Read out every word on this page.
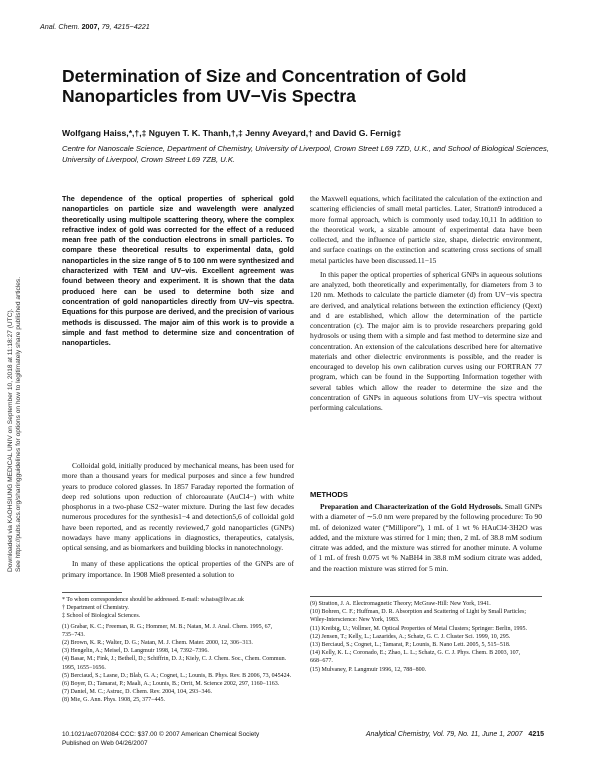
Anal. Chem. 2007, 79, 4215−4221
Determination of Size and Concentration of Gold Nanoparticles from UV−Vis Spectra
Wolfgang Haiss,*,†,‡ Nguyen T. K. Thanh,†,‡ Jenny Aveyard,† and David G. Fernig‡
Centre for Nanoscale Science, Department of Chemistry, University of Liverpool, Crown Street L69 7ZD, U.K., and School of Biological Sciences, University of Liverpool, Crown Street L69 7ZB, U.K.
Downloaded via KAOHSIUNG MEDICAL UNIV on September 10, 2018 at 11:18:27 (UTC). See https://pubs.acs.org/sharingguidelines for options on how to legitimately share published articles.
The dependence of the optical properties of spherical gold nanoparticles on particle size and wavelength were analyzed theoretically using multipole scattering theory, where the complex refractive index of gold was corrected for the effect of a reduced mean free path of the conduction electrons in small particles. To compare these theoretical results to experimental data, gold nanoparticles in the size range of 5 to 100 nm were synthesized and characterized with TEM and UV−vis. Excellent agreement was found between theory and experiment. It is shown that the data produced here can be used to determine both size and concentration of gold nanoparticles directly from UV−vis spectra. Equations for this purpose are derived, and the precision of various methods is discussed. The major aim of this work is to provide a simple and fast method to determine size and concentration of nanoparticles.

Colloidal gold, initially produced by mechanical means, has been used for more than a thousand years for medical purposes and since a few hundred years to produce colored glasses. In 1857 Faraday reported the formation of deep red solutions upon reduction of chloroaurate (AuCl4−) with white phosphorus in a two-phase CS2−water mixture. During the last few decades numerous procedures for the synthesis1−4 and detection5,6 of colloidal gold have been reported, and as recently reviewed,7 gold nanoparticles (GNPs) nowadays have many applications in diagnostics, therapeutics, catalysis, optical sensing, and as biomarkers and building blocks in nanotechnology.

In many of these applications the optical properties of the GNPs are of primary importance. In 1908 Mie8 presented a solution to

the Maxwell equations, which facilitated the calculation of the extinction and scattering efficiencies of small metal particles. Later, Stratton9 introduced a more formal approach, which is commonly used today.10,11 In addition to the theoretical work, a sizable amount of experimental data have been collected, and the influence of particle size, shape, dielectric environment, and surface coatings on the extinction and scattering cross sections of small metal particles have been discussed.11−15

In this paper the optical properties of spherical GNPs in aqueous solutions are analyzed, both theoretically and experimentally, for diameters from 3 to 120 nm. Methods to calculate the particle diameter (d) from UV−vis spectra are derived, and analytical relations between the extinction efficiency (Qext) and d are established, which allow the determination of the particle concentration (c). The major aim is to provide researchers preparing gold hydrosols or using them with a simple and fast method to determine size and concentration. An extension of the calculations described here for alternative materials and other dielectric environments is possible, and the reader is encouraged to develop his own calibration curves using our FORTRAN 77 program, which can be found in the Supporting Information together with several tables which allow the reader to determine the size and the concentration of GNPs in aqueous solutions from UV−vis spectra without performing calculations.

METHODS

Preparation and Characterization of the Gold Hydrosols. Small GNPs with a diameter of ∼5.0 nm were prepared by the following procedure: To 90 mL of deionized water (“Millipore”), 1 mL of 1 wt % HAuCl4·3H2O was added, and the mixture was stirred for 1 min; then, 2 mL of 38.8 mM sodium citrate was added, and the mixture was stirred for another minute. A volume of 1 mL of fresh 0.075 wt % NaBH4 in 38.8 mM sodium citrate was added, and the reaction mixture was stirred for 5 min.

* To whom correspondence should be addressed. E-mail: w.haiss@liv.ac.uk
† Department of Chemistry.
‡ School of Biological Sciences.
(1) Grabar, K. C.; Freeman, R. G.; Hommer, M. B.; Natan, M. J. Anal. Chem. 1995, 67, 735−743.
(2) Brown, K. R.; Walter, D. G.; Natan, M. J. Chem. Mater. 2000, 12, 306−313.
(3) Hengelin, A.; Meisel, D. Langmuir 1998, 14, 7392−7396.
(4) Basar, M.; Fink, J.; Bethell, D.; Schiffrin, D. J.; Kiely, C. J. Chem. Soc., Chem. Commun. 1995, 1655−1656.
(5) Berciaud, S.; Lasne, D.; Blab, G. A.; Cognet, L.; Lounis, B. Phys. Rev. B 2006, 73, 045424.
(6) Boyer, D.; Tamarat, P.; Maali, A.; Lounis, B.; Orrit, M. Science 2002, 297, 1160−1163.
(7) Daniel, M. C.; Astruc, D. Chem. Rev. 2004, 104, 293−346.
(8) Mie, G. Ann. Phys. 1908, 25, 377−445.
(9) Stratton, J. A. Electromagnetic Theory; McGraw-Hill: New York, 1941.
(10) Bohren, C. F.; Huffman, D. R. Absorption and Scattering of Light by Small Particles; Wiley-Interscience: New York, 1983.
(11) Kreibig, U.; Vollmer, M. Optical Properties of Metal Clusters; Springer: Berlin, 1995.
(12) Jensen, T.; Kelly, L.; Lazarides, A.; Schatz, G. C. J. Cluster Sci. 1999, 10, 295.
(13) Berciaud, S.; Cognet, L.; Tamarat, P.; Lounis, B. Nano Lett. 2005, 5, 515−518.
(14) Kelly, K. L.; Coronado, E.; Zhao, L. L.; Schatz, G. C. J. Phys. Chem. B 2003, 107, 668−677.
(15) Mulvaney, P. Langmuir 1996, 12, 788−800.
10.1021/ac0702084 CCC: $37.00 © 2007 American Chemical Society
Published on Web 04/26/2007
Analytical Chemistry, Vol. 79, No. 11, June 1, 2007 4215
